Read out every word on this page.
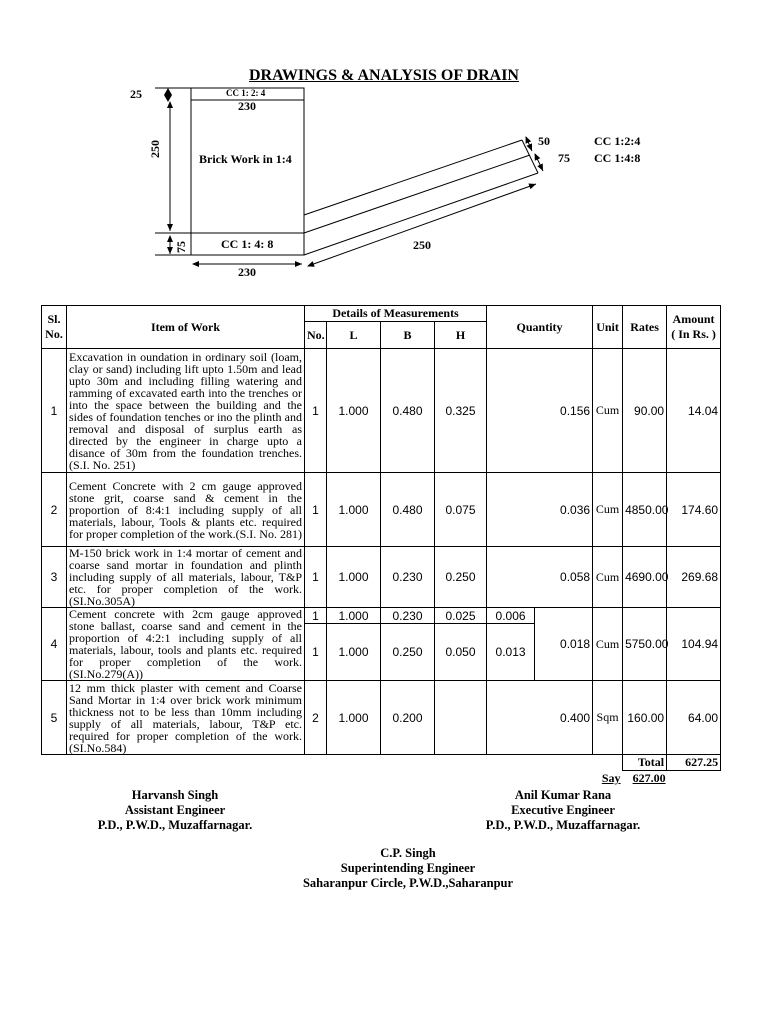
DRAWINGS & ANALYSIS OF DRAIN
25	CC 1: 2: 4
230
250
Brick Work in 1:4
75	CC 1: 4: 8
230
250
50
75
CC 1:2:4
CC 1:4:8
Sl.
No.	Item of Work	Details of Measurements				Quantity		Unit	Rates	Amount
( In Rs. )
		No.	L	B	H					
1	Excavation in oundation in ordinary soil (loam, clay or sand) including lift upto 1.50m and lead upto 30m and including filling watering and ramming of excavated earth into the trenches or into the space between the building and the sides of foundation tenches or ino the plinth and removal and disposal of surplus earth as directed by the engineer in charge upto a disance of 30m from the foundation trenches.(S.I. No. 251)	1	1.000	0.480	0.325	0.156		Cum	90.00	14.04
2	Cement Concrete with 2 cm gauge approved stone grit, coarse sand & cement in the proportion of 8:4:1 including supply of all materials, labour, Tools & plants etc. required for proper completion of the work.(S.I. No. 281)	1	1.000	0.480	0.075	0.036		Cum	4850.00	174.60
3	M-150 brick work in 1:4 mortar of cement and coarse sand mortar in foundation and plinth including supply of all materials, labour, T&P etc. for proper completion of the work. (SI.No.305A)	1	1.000	0.230	0.250	0.058		Cum	4690.00	269.68
4	Cement concrete with 2cm gauge approved stone ballast, coarse sand and cement in the proportion of 4:2:1 including supply of all materials, labour, tools and plants etc. required for proper completion of the work. (SI.No.279(A))	1	1.000	0.230	0.025	0.006	0.018	Cum	5750.00	104.94
		1	1.000	0.250	0.050	0.013				
5	12 mm thick plaster with cement and Coarse Sand Mortar in 1:4 over brick work minimum thickness not to be less than 10mm including supply of all materials, labour, T&P etc. required for proper completion of the work. (SI.No.584)	2	1.000	0.200		0.400		Sqm	160.00	64.00
									Total	627.25
Say									627.00	
Harvansh Singh
Assistant Engineer
P.D., P.W.D., Muzaffarnagar.
Anil Kumar Rana
Executive Engineer
P.D., P.W.D., Muzaffarnagar.
C.P. Singh
Superintending Engineer
Saharanpur Circle, P.W.D.,Saharanpur
